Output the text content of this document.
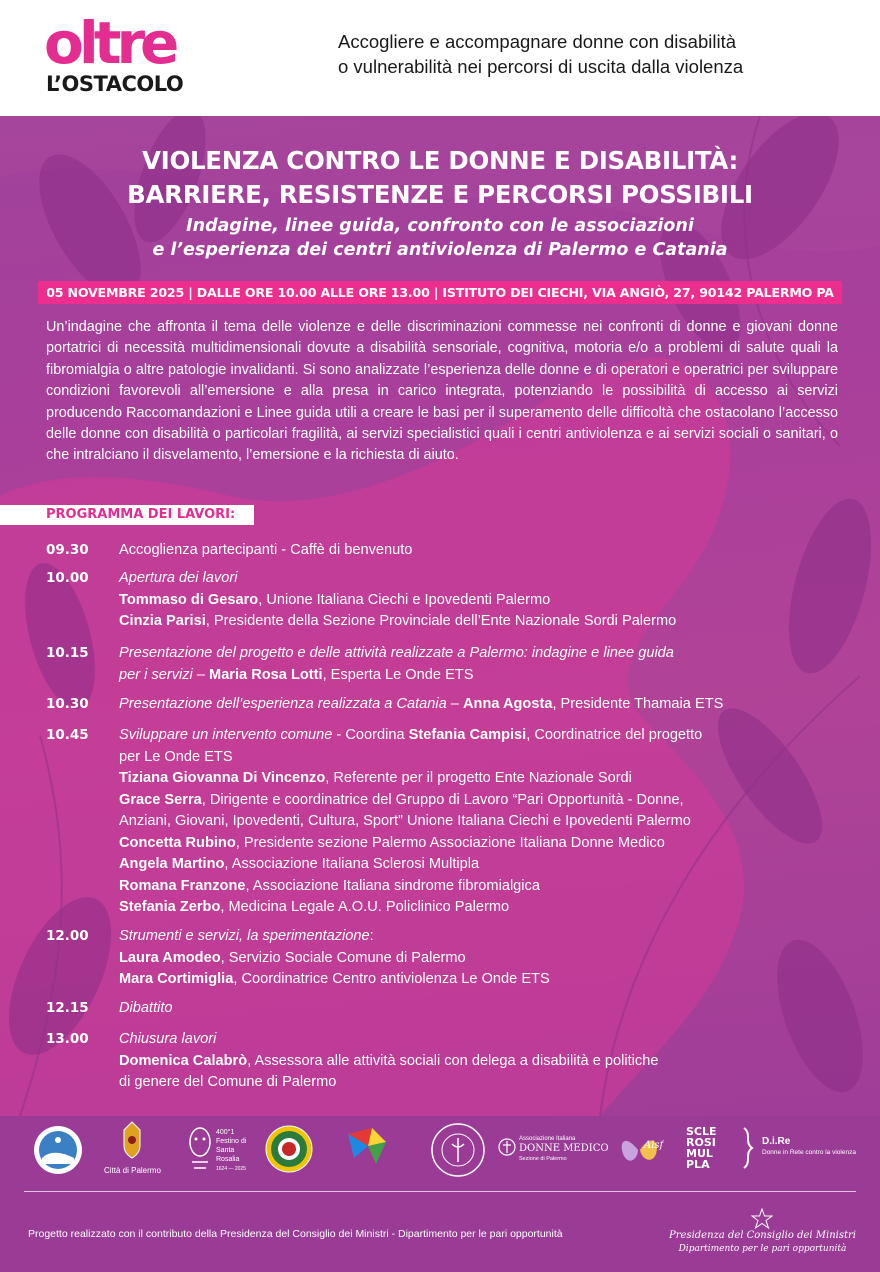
oltre
L’OSTACOLO
Accogliere e accompagnare donne con disabilità
o vulnerabilità nei percorsi di uscita dalla violenza
VIOLENZA CONTRO LE DONNE E DISABILITÀ:
BARRIERE, RESISTENZE E PERCORSI POSSIBILI
Indagine, linee guida, confronto con le associazioni
e l’esperienza dei centri antiviolenza di Palermo e Catania
05 NOVEMBRE 2025 | DALLE ORE 10.00 ALLE ORE 13.00 | ISTITUTO DEI CIECHI, VIA ANGIÒ, 27, 90142 PALERMO PA
Un’indagine che affronta il tema delle violenze e delle discriminazioni commesse nei confronti di donne e giovani donne portatrici di necessità multidimensionali dovute a disabilità sensoriale, cognitiva, motoria e/o a problemi di salute quali la fibromialgia o altre patologie invalidanti. Si sono analizzate l’esperienza delle donne e di operatori e operatrici per sviluppare condizioni favorevoli all’emersione e alla presa in carico integrata, potenziando le possibilità di accesso ai servizi producendo Raccomandazioni e Linee guida utili a creare le basi per il superamento delle difficoltà che ostacolano l’accesso delle donne con disabilità o particolari fragilità, ai servizi specialistici quali i centri antiviolenza e ai servizi sociali o sanitari, o che intralciano il disvelamento, l’emersione e la richiesta di aiuto.
PROGRAMMA DEI LAVORI:
09.30 Accoglienza partecipanti - Caffè di benvenuto
10.00 Apertura dei lavori
Tommaso di Gesaro, Unione Italiana Ciechi e Ipovedenti Palermo
Cinzia Parisi, Presidente della Sezione Provinciale dell’Ente Nazionale Sordi Palermo
10.15 Presentazione del progetto e delle attività realizzate a Palermo: indagine e linee guida
per i servizi – Maria Rosa Lotti, Esperta Le Onde ETS
10.30 Presentazione dell’esperienza realizzata a Catania – Anna Agosta, Presidente Thamaia ETS
10.45 Sviluppare un intervento comune - Coordina Stefania Campisi, Coordinatrice del progetto
per Le Onde ETS
Tiziana Giovanna Di Vincenzo, Referente per il progetto Ente Nazionale Sordi
Grace Serra, Dirigente e coordinatrice del Gruppo di Lavoro “Pari Opportunità - Donne,
Anziani, Giovani, Ipovedenti, Cultura, Sport” Unione Italiana Ciechi e Ipovedenti Palermo
Concetta Rubino, Presidente sezione Palermo Associazione Italiana Donne Medico
Angela Martino, Associazione Italiana Sclerosi Multipla
Romana Franzone, Associazione Italiana sindrome fibromialgica
Stefania Zerbo, Medicina Legale A.O.U. Policlinico Palermo
12.00 Strumenti e servizi, la sperimentazione:
Laura Amodeo, Servizio Sociale Comune di Palermo
Mara Cortimiglia, Coordinatrice Centro antiviolenza Le Onde ETS
12.15 Dibattito
13.00 Chiusura lavori
Domenica Calabrò, Assessora alle attività sociali con delega a disabilità e politiche
di genere del Comune di Palermo
Città di Palermo
400°1 Festino di Santa Rosalia
1624 — 2025
Associazione Italiana
DONNE MEDICO
Sezione di Palermo
Aisf
SCLE ROSI MUL PLA
D.i.Re
Donne in Rete contro la violenza
Progetto realizzato con il contributo della Presidenza del Consiglio dei Ministri - Dipartimento per le pari opportunità	Presidenza del Consiglio dei Ministri
Dipartimento per le pari opportunità
